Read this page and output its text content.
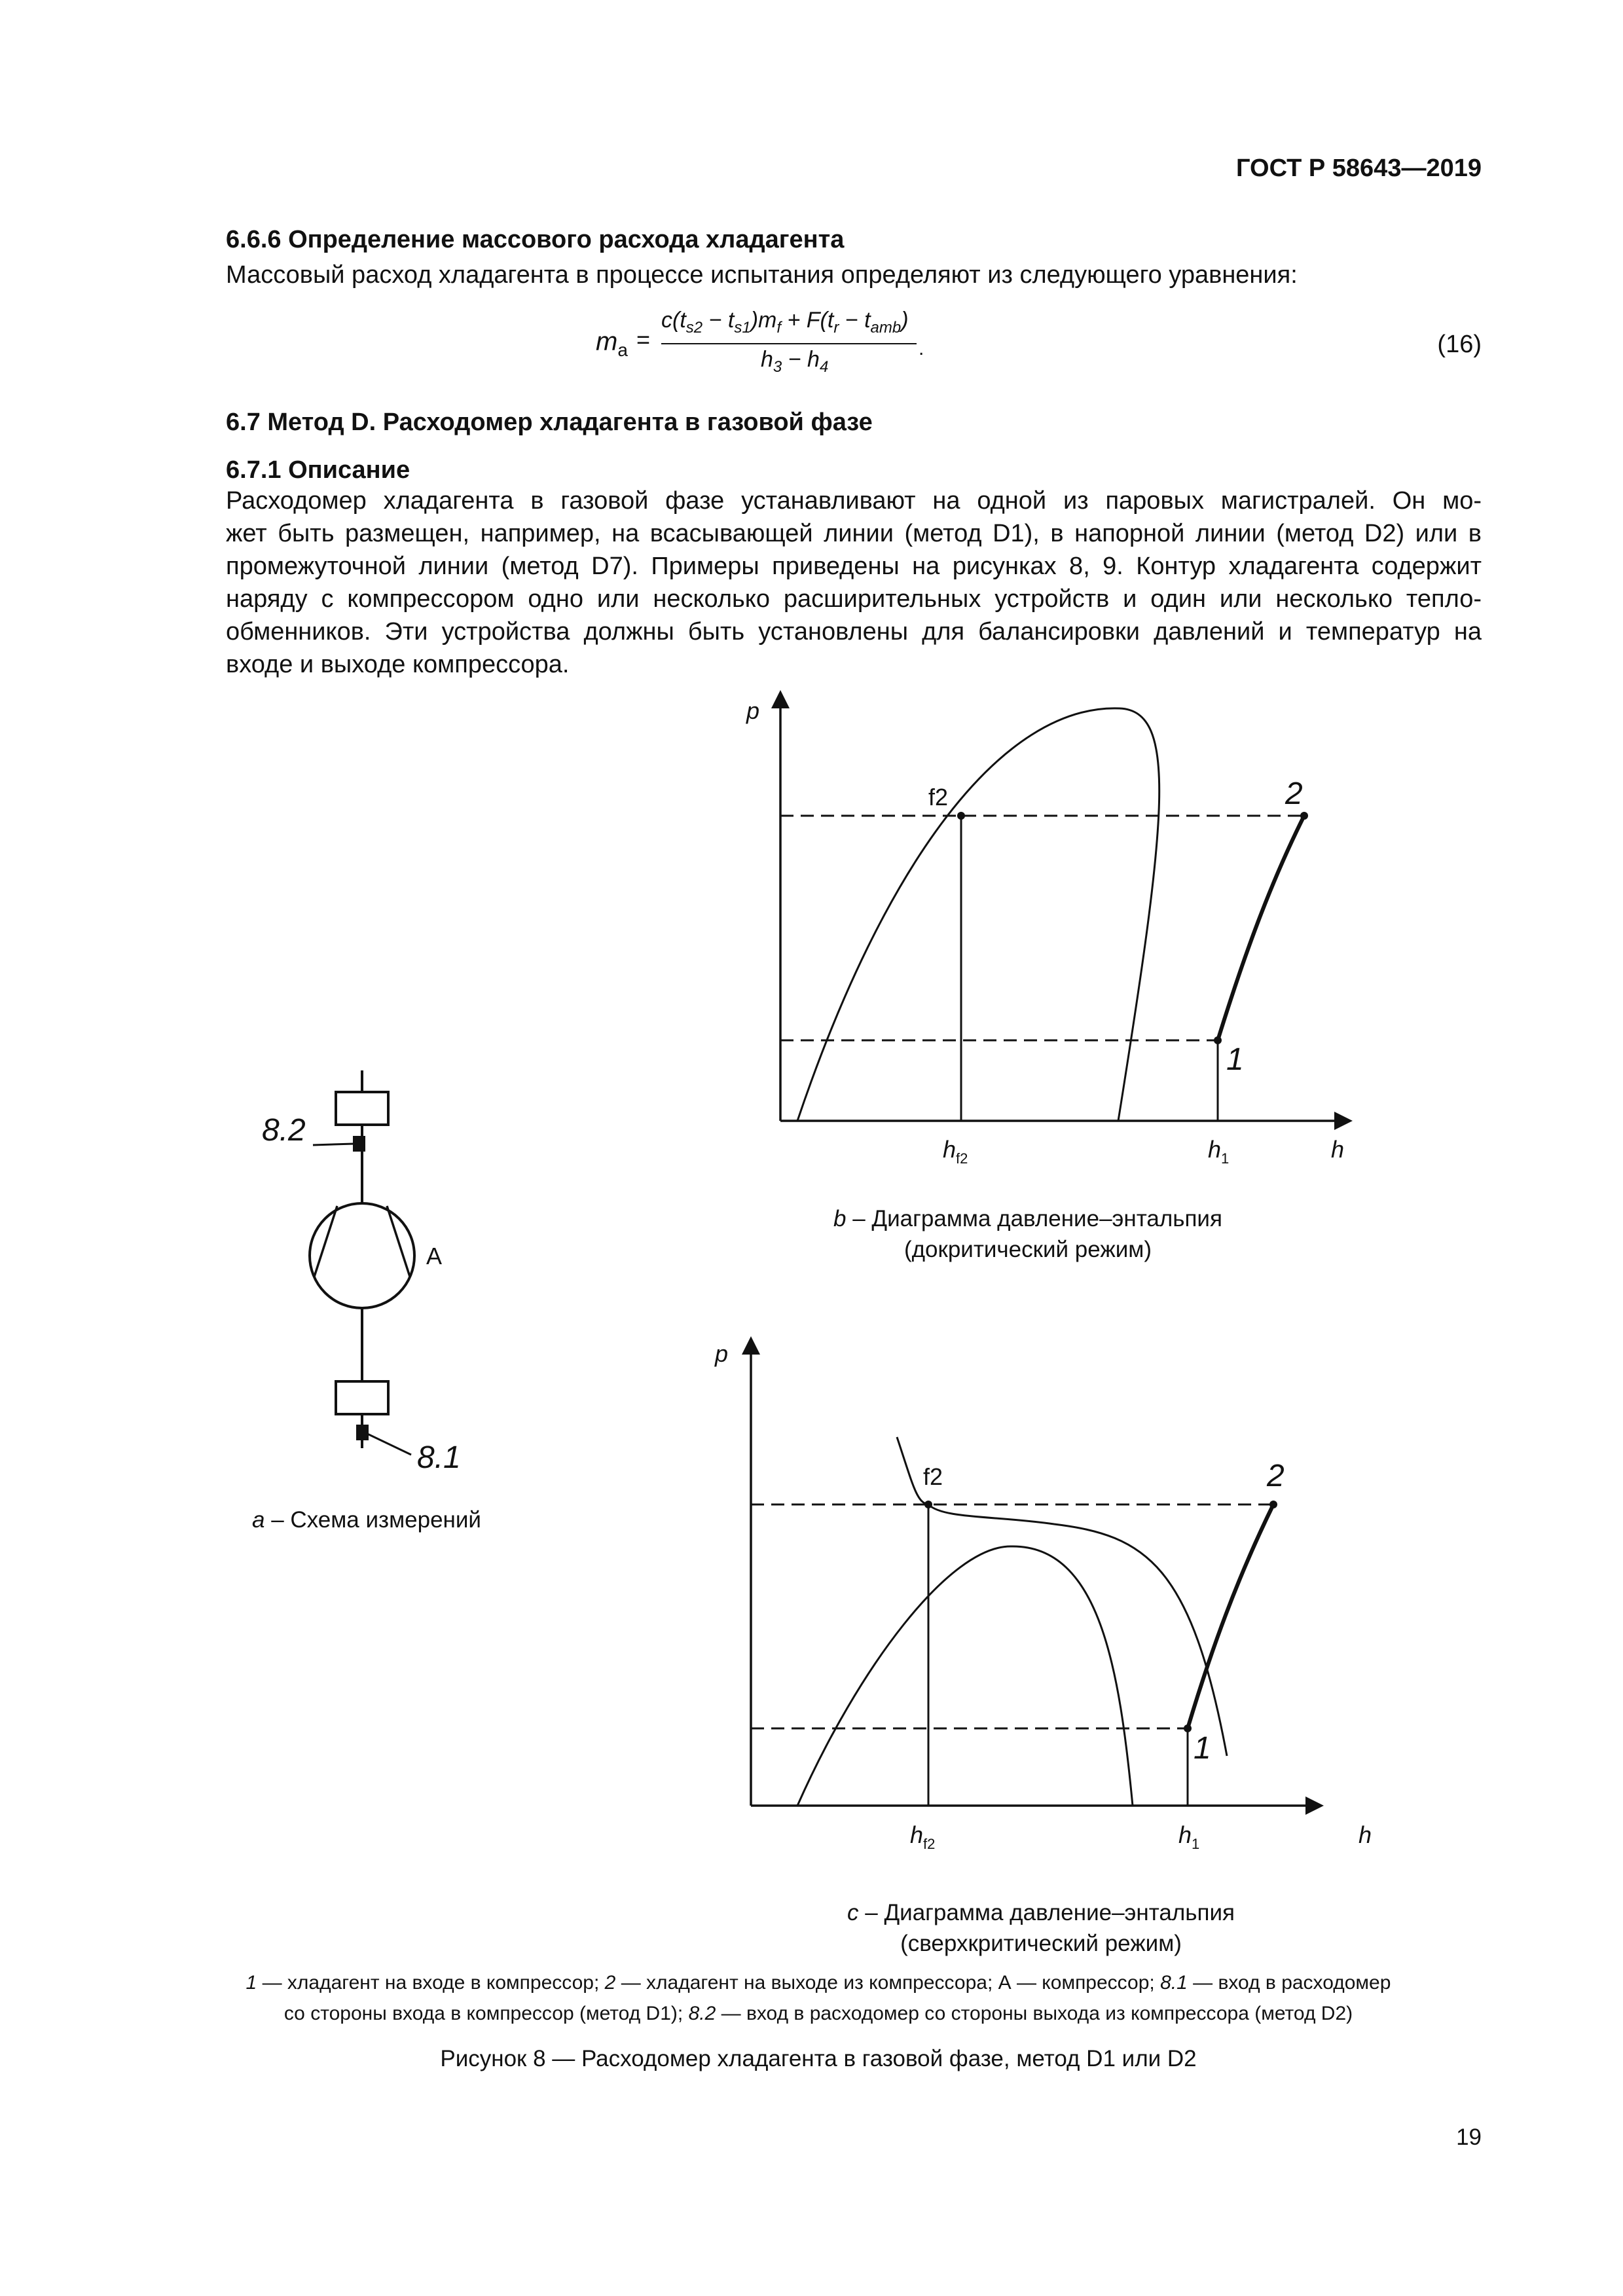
ГОСТ Р 58643—2019
6.6.6 Определение массового расхода хладагента
Массовый расход хладагента в процессе испытания определяют из следующего уравнения:
$m_a$ =
$c(t_{s2} - t_{s1})m_f + F(t_r - t_{amb})$
.
$h_3 - h_4$
(16)
6.7 Метод D. Расходомер хладагента в газовой фазе
6.7.1 Описание
Расходомер хладагента в газовой фазе устанавливают на одной из паровых магистралей. Он мо-
жет быть размещен, например, на всасывающей линии (метод D1), в напорной линии (метод D2) или в
промежуточной линии (метод D7). Примеры приведены на рисунках 8, 9. Контур хладагента содержит
наряду с компрессором одно или несколько расширительных устройств и один или несколько тепло-
обменников. Эти устройства должны быть установлены для балансировки давлений и температур на
входе и выходе компрессора.
8.2
8.1
A
p
h
f2	2
1
$h_{f2}$	$h_1$
p
h
f2	2
1
$h_{f2}$	$h_1$
a – Схема измерений
b – Диаграмма давление–энтальпия
(докритический режим)
c – Диаграмма давление–энтальпия
(сверхкритический режим)
1 — хладагент на входе в компрессор; 2 — хладагент на выходе из компрессора; А — компрессор; 8.1 — вход в расходомер
со стороны входа в компрессор (метод D1); 8.2 — вход в расходомер со стороны выхода из компрессора (метод D2)
Рисунок 8 — Расходомер хладагента в газовой фазе, метод D1 или D2
19
